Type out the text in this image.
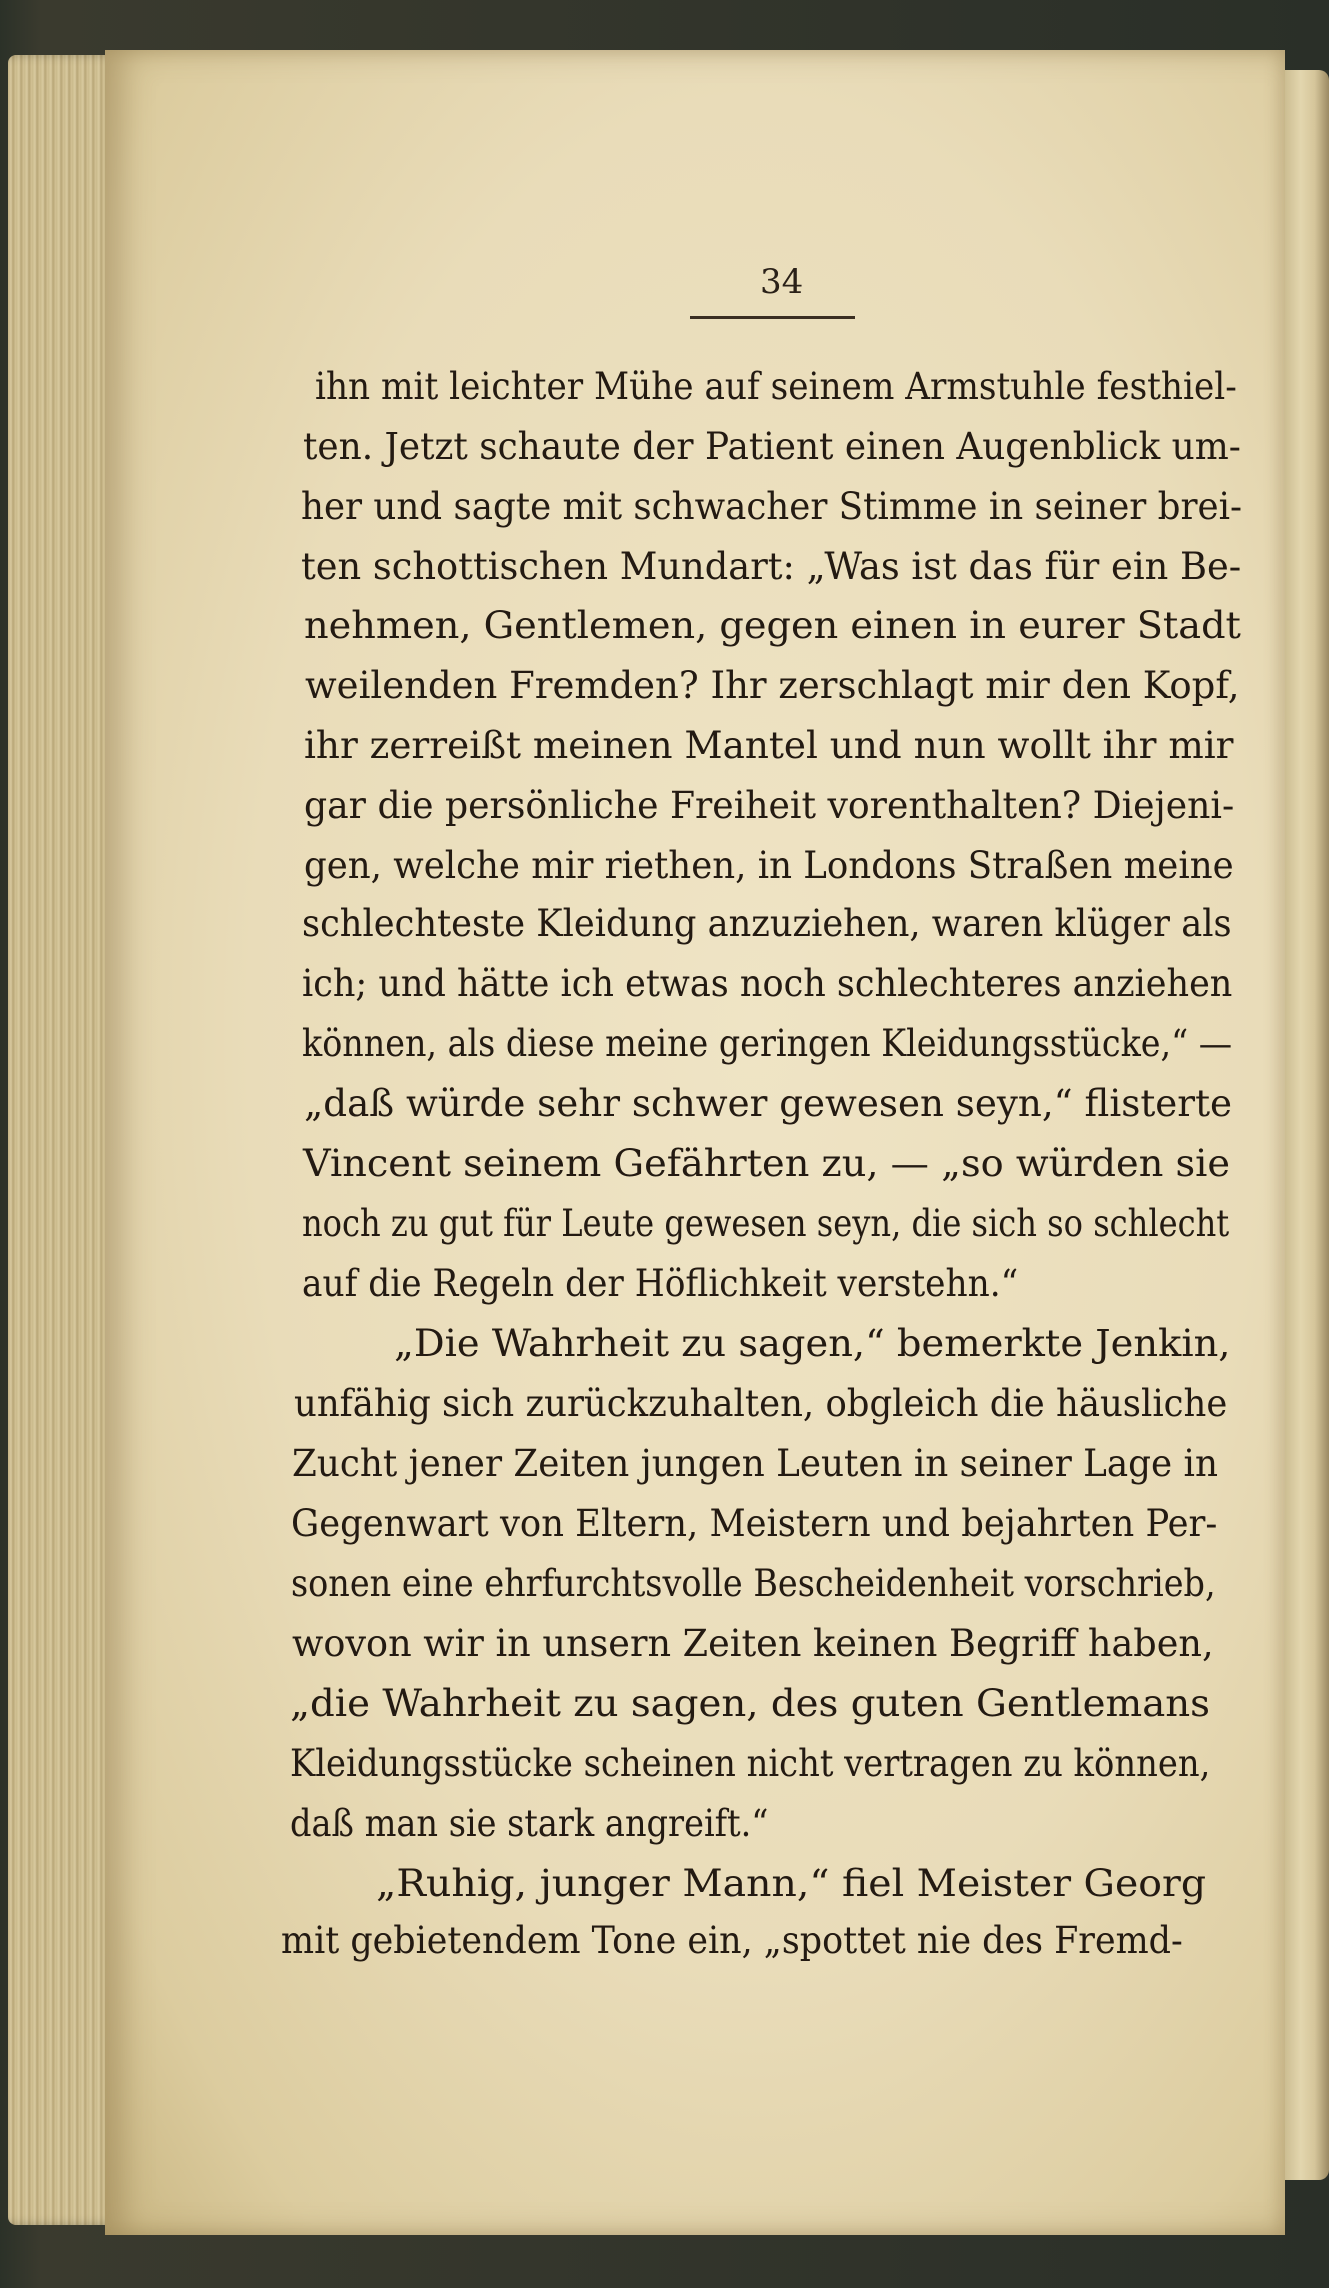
34
ihn mit leichter Mühe auf seinem Armstuhle festhiel-
ten. Jetzt schaute der Patient einen Augenblick um-
her und sagte mit schwacher Stimme in seiner brei-
ten schottischen Mundart: „Was ist das für ein Be-
nehmen, Gentlemen, gegen einen in eurer Stadt
weilenden Fremden? Ihr zerschlagt mir den Kopf,
ihr zerreißt meinen Mantel und nun wollt ihr mir
gar die persönliche Freiheit vorenthalten? Diejeni-
gen, welche mir riethen, in Londons Straßen meine
schlechteste Kleidung anzuziehen, waren klüger als
ich; und hätte ich etwas noch schlechteres anziehen
können, als diese meine geringen Kleidungsstücke,“ —
„daß würde sehr schwer gewesen seyn,“ flisterte
Vincent seinem Gefährten zu, — „so würden sie
noch zu gut für Leute gewesen seyn, die sich so schlecht
auf die Regeln der Höflichkeit verstehn.“
„Die Wahrheit zu sagen,“ bemerkte Jenkin,
unfähig sich zurückzuhalten, obgleich die häusliche
Zucht jener Zeiten jungen Leuten in seiner Lage in
Gegenwart von Eltern, Meistern und bejahrten Per-
sonen eine ehrfurchtsvolle Bescheidenheit vorschrieb,
wovon wir in unsern Zeiten keinen Begriff haben,
„die Wahrheit zu sagen, des guten Gentlemans
Kleidungsstücke scheinen nicht vertragen zu können,
daß man sie stark angreift.“
„Ruhig, junger Mann,“ fiel Meister Georg
mit gebietendem Tone ein, „spottet nie des Fremd-
